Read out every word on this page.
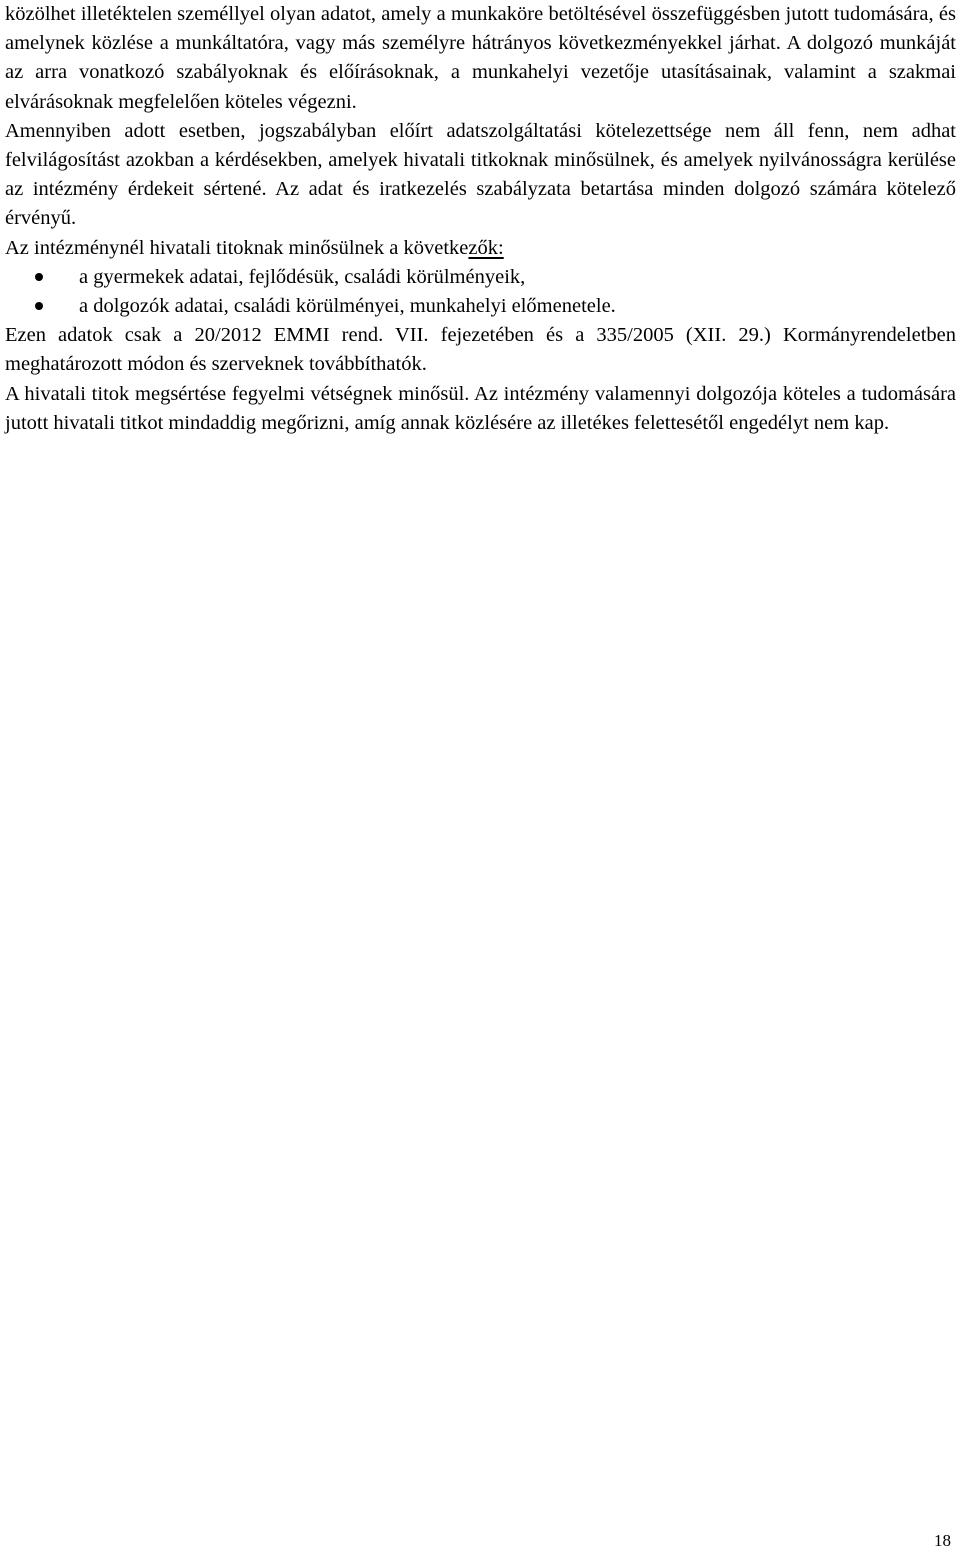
közölhet illetéktelen személlyel olyan adatot, amely a munkaköre betöltésével összefüggésben jutott tudomására, és amelynek közlése a munkáltatóra, vagy más személyre hátrányos következményekkel járhat. A dolgozó munkáját az arra vonatkozó szabályoknak és előírásoknak, a munkahelyi vezetője utasításainak, valamint a szakmai elvárásoknak megfelelően köteles végezni.

Amennyiben adott esetben, jogszabályban előírt adatszolgáltatási kötelezettsége nem áll fenn, nem adhat felvilágosítást azokban a kérdésekben, amelyek hivatali titkoknak minősülnek, és amelyek nyilvánosságra kerülése az intézmény érdekeit sértené. Az adat és iratkezelés szabályzata betartása minden dolgozó számára kötelező érvényű.

Az intézménynél hivatali titoknak minősülnek a következők:

a gyermekek adatai, fejlődésük, családi körülményeik,
a dolgozók adatai, családi körülményei, munkahelyi előmenetele.

Ezen adatok csak a 20/2012 EMMI rend. VII. fejezetében és a 335/2005 (XII. 29.) Kormányrendeletben meghatározott módon és szerveknek továbbíthatók.

A hivatali titok megsértése fegyelmi vétségnek minősül. Az intézmény valamennyi dolgozója köteles a tudomására jutott hivatali titkot mindaddig megőrizni, amíg annak közlésére az illetékes felettesétől engedélyt nem kap.

18
